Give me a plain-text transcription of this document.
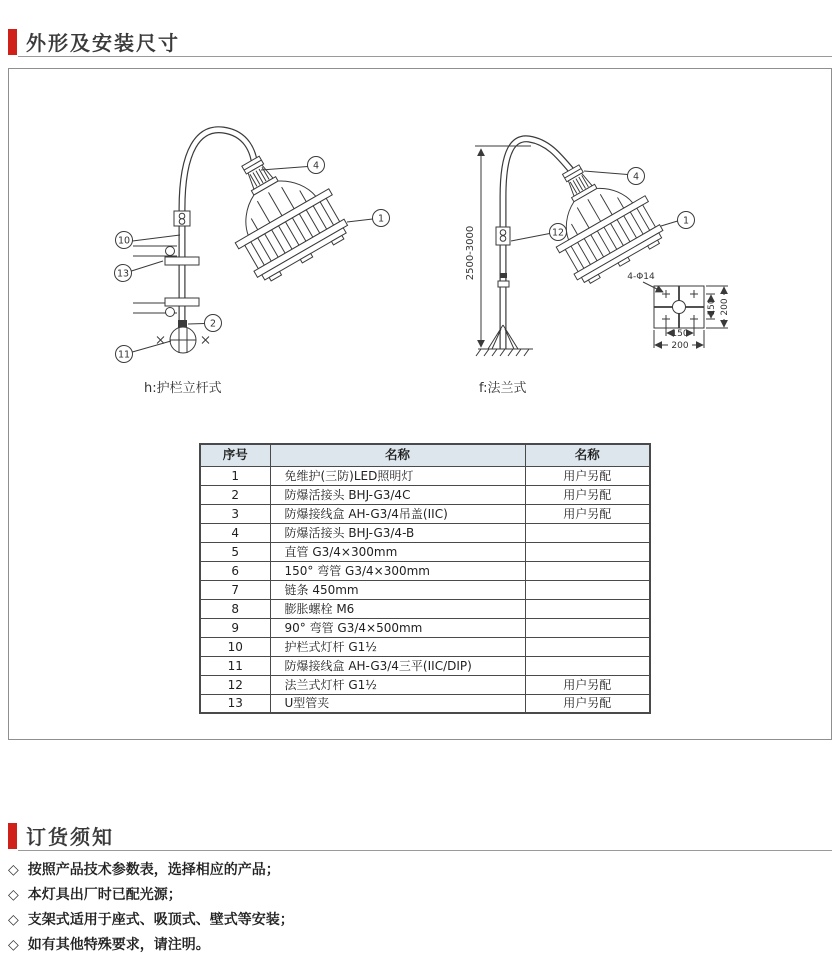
外形及安装尺寸
4
1
10
13
2
11
h:护栏立杆式
2500-3000
4
1
12
f:法兰式
4-Φ14
150 200
150
200
序号	名称	名称
1	免维护(三防)LED照明灯	用户另配
2	防爆活接头 BHJ-G3/4C	用户另配
3	防爆接线盒 AH-G3/4吊盖(IIC)	用户另配
4	防爆活接头 BHJ-G3/4-B	
5	直管 G3/4×300mm	
6	150° 弯管 G3/4×300mm	
7	链条 450mm	
8	膨胀螺栓 M6	
9	90° 弯管 G3/4×500mm	
10	护栏式灯杆 G1½	
11	防爆接线盒 AH-G3/4三平(IIC/DIP)	
12	法兰式灯杆 G1½	用户另配
13	U型管夹	用户另配
订货须知
◇ 按照产品技术参数表，选择相应的产品；
◇ 本灯具出厂时已配光源；
◇ 支架式适用于座式、吸顶式、壁式等安装；
◇ 如有其他特殊要求，请注明。
